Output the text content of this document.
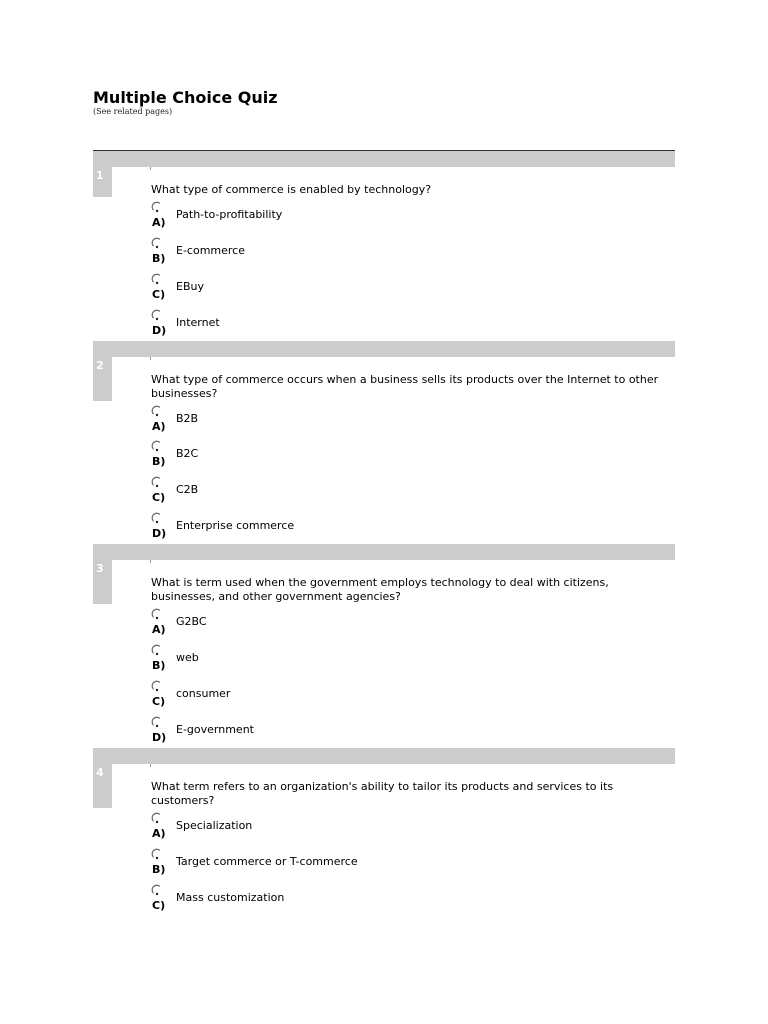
Multiple Choice Quiz
(See related pages)
1
What type of commerce is enabled by technology?
A)
Path-to-profitability
B)
E-commerce
C)
EBuy
D)
Internet
2
What type of commerce occurs when a business sells its products over the Internet to other businesses?
A)
B2B
B)
B2C
C)
C2B
D)
Enterprise commerce
3
What is term used when the government employs technology to deal with citizens, businesses, and other government agencies?
A)
G2BC
B)
web
C)
consumer
D)
E-government
4
What term refers to an organization's ability to tailor its products and services to its customers?
A)
Specialization
B)
Target commerce or T-commerce
C)
Mass customization
